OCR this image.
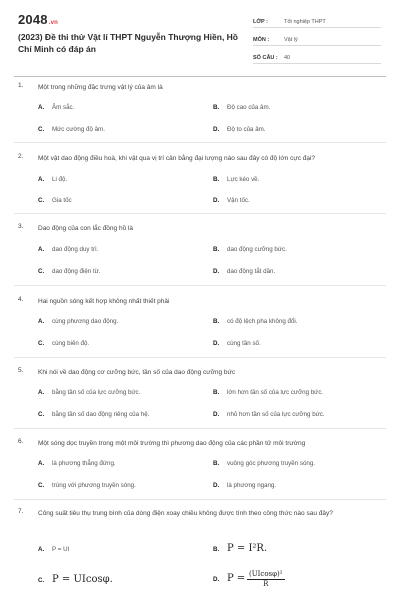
2048.vn
(2023) Đề thi thử Vật lí THPT Nguyễn Thượng Hiền, Hồ Chí Minh có đáp án
LỚP :	Tốt nghiệp THPT
MÔN :	Vật lý
SỐ CÂU : 40
1. Một trong những đặc trưng vật lý của âm là
A. Âm sắc.	B. Độ cao của âm.
C. Mức cường độ âm.	D. Độ to của âm.
2. Một vật dao động điều hoà, khi vật qua vị trí cân bằng đại lượng nào sau đây có độ lớn cực đại?
A. Li độ.	B. Lực kéo về.
C. Gia tốc	D. Vận tốc.
3. Dao động của con lắc đồng hồ là
A. dao động duy trì.	B. dao động cưỡng bức.
C. dao động điện từ.	D. dao động tắt dần.
4. Hai nguồn sóng kết hợp không nhất thiết phải
A. cùng phương dao động.	B. có độ lệch pha không đổi.
C. cùng biên độ.	D. cùng tần số.
5. Khi nói về dao động cơ cưỡng bức, tần số của dao động cưỡng bức
A. bằng tần số của lực cưỡng bức.	B. lớn hơn tần số của lực cưỡng bức.
C. bằng tần số dao động riêng của hệ.	D. nhỏ hơn tần số của lực cưỡng bức.
6. Một sóng dọc truyền trong một môi trường thì phương dao động của các phần tử môi trường
A. là phương thẳng đứng.	B. vuông góc phương truyền sóng.
C. trùng với phương truyền sóng.	D. là phương ngang.
7. Công suất tiêu thụ trung bình của dòng điện xoay chiều không được tính theo công thức nào sau đây?
A. P = UI	B. P = I²R.
C. P = UIcosφ.	D. $P = \frac{\text{(UIcosφ)²}}{R}$
